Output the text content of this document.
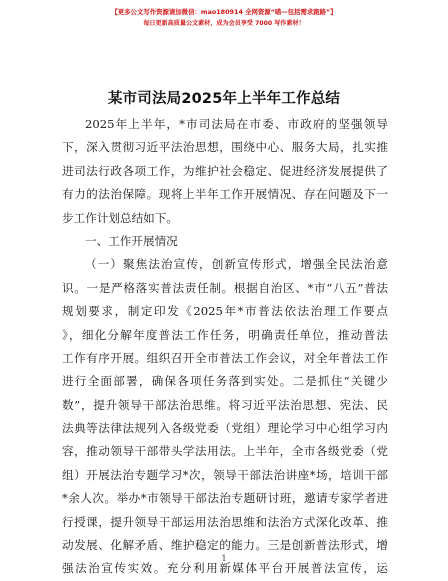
【更多公文写作资源请加微信：mao180914 全网资源“喵—包括需求跑路”】
每日更新高质量公文素材，成为会员享受 7000 写作素材！
某市司法局2025年上半年工作总结
2025年上半年，*市司法局在市委、市政府的坚强领导
下，深入贯彻习近平法治思想，围绕中心、服务大局，扎实推
进司法行政各项工作，为维护社会稳定、促进经济发展提供了
有力的法治保障。现将上半年工作开展情况、存在问题及下一
步工作计划总结如下。
一、工作开展情况
（一）聚焦法治宣传，创新宣传形式，增强全民法治意
识。一是严格落实普法责任制。根据自治区、*市“八五”普法
规划要求，制定印发《2025年*市普法依法治理工作要点
》，细化分解年度普法工作任务，明确责任单位，推动普法
工作有序开展。组织召开全市普法工作会议，对全年普法工作
进行全面部署，确保各项任务落到实处。二是抓住“关键少
数”，提升领导干部法治思维。将习近平法治思想、宪法、民
法典等法律法规列入各级党委（党组）理论学习中心组学习内
容，推动领导干部带头学法用法。上半年，全市各级党委（党
组）开展法治专题学习*次，领导干部法治讲座*场，培训干部
*余人次。举办*市领导干部法治专题研讨班，邀请专家学者进
行授课，提升领导干部运用法治思维和法治方式深化改革、推
动发展、化解矛盾、维护稳定的能力。三是创新普法形式，增
强法治宣传实效。充分利用新媒体平台开展普法宣传，运
1
